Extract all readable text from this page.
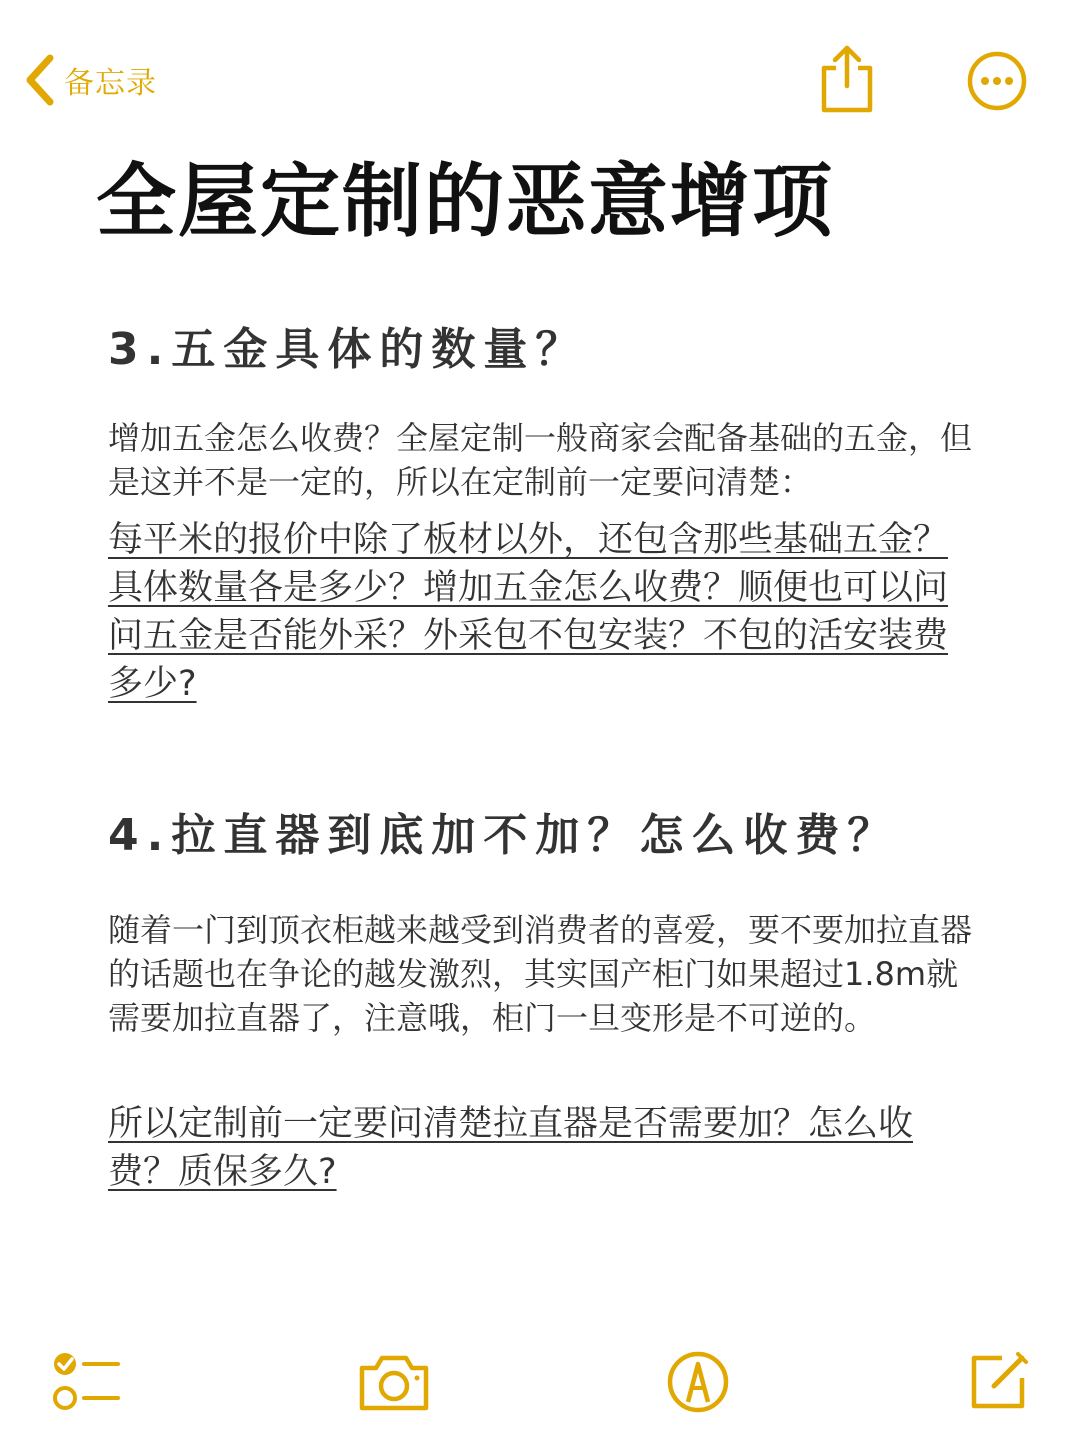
备忘录
全屋定制的恶意增项
3.五金具体的数量？

增加五金怎么收费？全屋定制一般商家会配备基础的五金，但是这并不是一定的，所以在定制前一定要问清楚：

每平米的报价中除了板材以外，还包含那些基础五金？具体数量各是多少？增加五金怎么收费？顺便也可以问问五金是否能外采？外采包不包安装？不包的活安装费多少?

4.拉直器到底加不加？怎么收费？

随着一门到顶衣柜越来越受到消费者的喜爱，要不要加拉直器的话题也在争论的越发激烈，其实国产柜门如果超过1.8m就需要加拉直器了，注意哦，柜门一旦变形是不可逆的。

所以定制前一定要问清楚拉直器是否需要加？怎么收费？质保多久?
